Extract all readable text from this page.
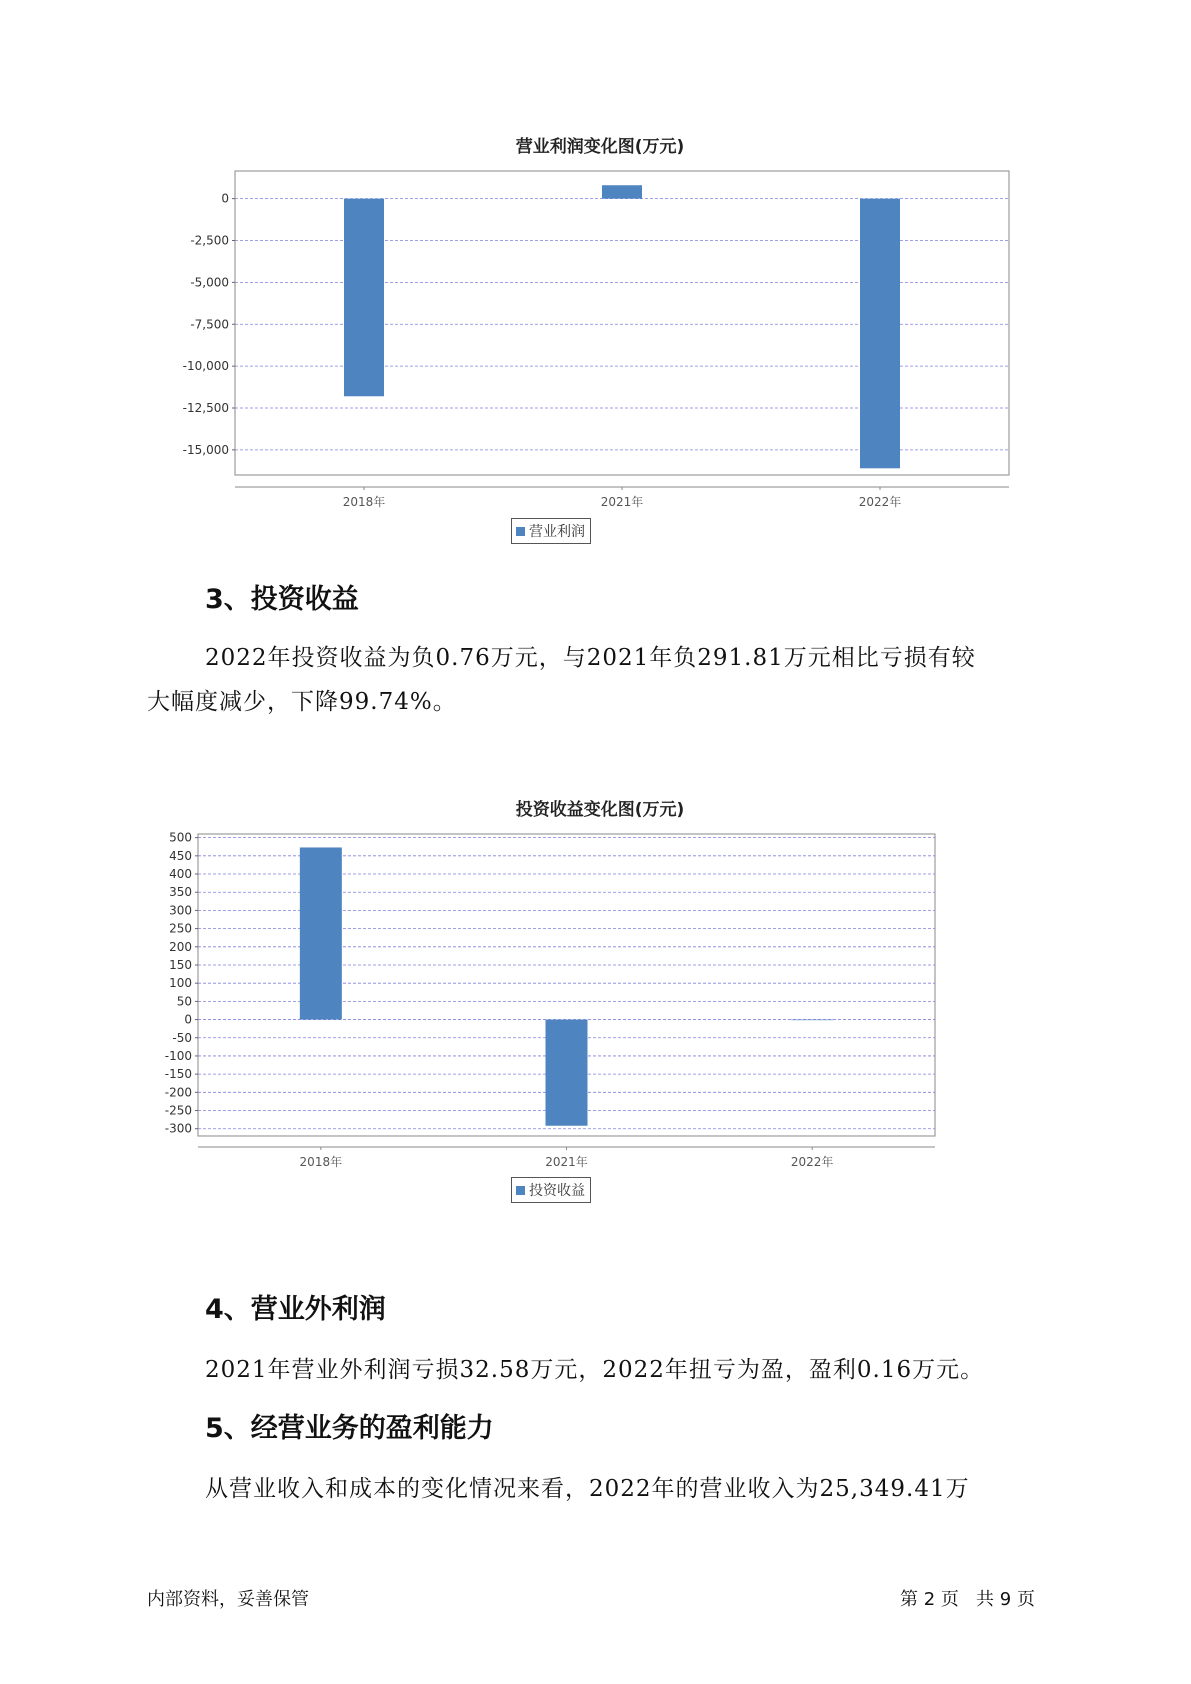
营业利润变化图(万元)
0
-2,500
-5,000
-7,500
-10,000
-12,500
-15,000
2018年	2021年	2022年
营业利润
3、投资收益
2022年投资收益为负0.76万元，与2021年负291.81万元相比亏损有较
大幅度减少，下降99.74%。
投资收益变化图(万元)
500
450
400
350
300
250
200
150
100
50
0
-50
-100
-150
-200
-250
-300
2018年	2021年	2022年
投资收益
4、营业外利润
2021年营业外利润亏损32.58万元，2022年扭亏为盈，盈利0.16万元。
5、经营业务的盈利能力
从营业收入和成本的变化情况来看，2022年的营业收入为25,349.41万
内部资料，妥善保管	第 2 页   共 9 页
